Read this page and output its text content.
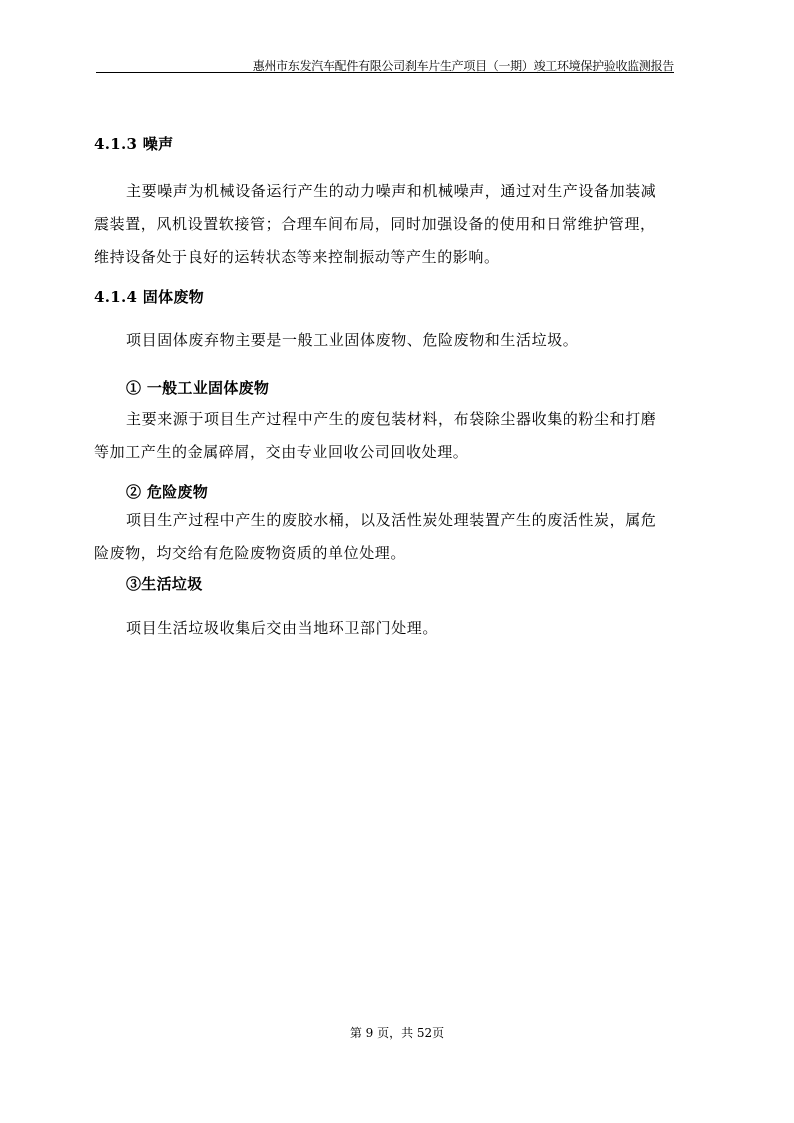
惠州市东发汽车配件有限公司刹车片生产项目（一期）竣工环境保护验收监测报告
4.1.3 噪声
主要噪声为机械设备运行产生的动力噪声和机械噪声，通过对生产设备加装减
震装置，风机设置软接管；合理车间布局，同时加强设备的使用和日常维护管理，
维持设备处于良好的运转状态等来控制振动等产生的影响。
4.1.4 固体废物
项目固体废弃物主要是一般工业固体废物、危险废物和生活垃圾。
① 一般工业固体废物
主要来源于项目生产过程中产生的废包装材料，布袋除尘器收集的粉尘和打磨
等加工产生的金属碎屑，交由专业回收公司回收处理。
② 危险废物
项目生产过程中产生的废胶水桶，以及活性炭处理装置产生的废活性炭，属危
险废物，均交给有危险废物资质的单位处理。
③生活垃圾
项目生活垃圾收集后交由当地环卫部门处理。
第 9 页，共 52页
